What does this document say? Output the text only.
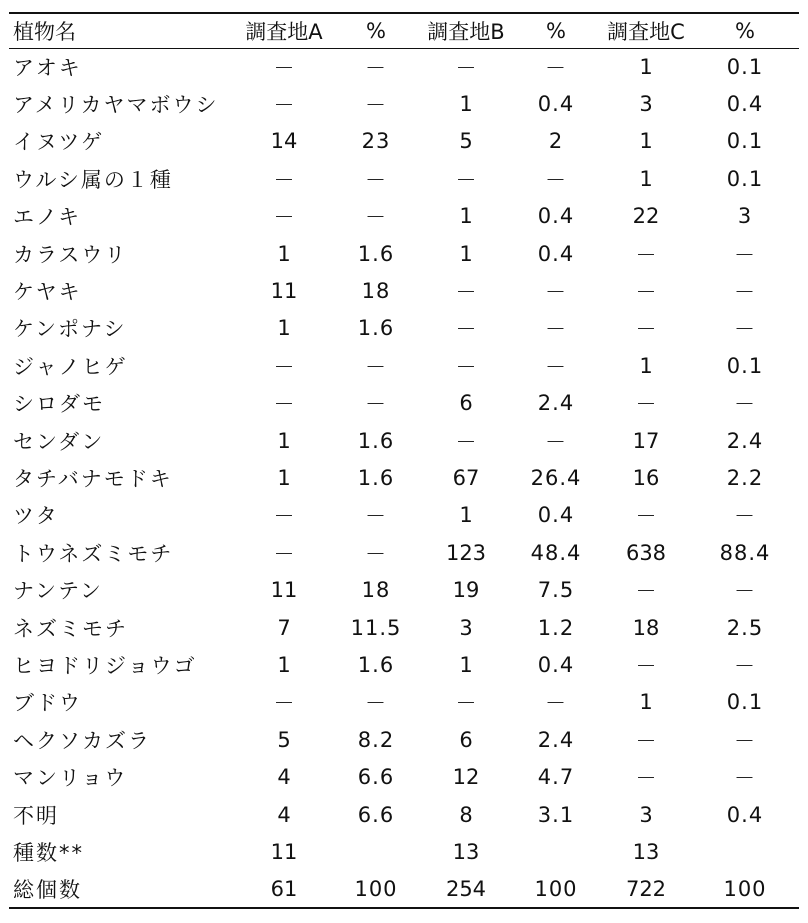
植物名	調査地A	%	調査地B	%	調査地C	%
アオキ	－	－	－	－	1	0.1
アメリカヤマボウシ	－	－	1	0.4	3	0.4
イヌツゲ	14	23	5	2	1	0.1
ウルシ属の１種	－	－	－	－	1	0.1
エノキ	－	－	1	0.4	22	3
カラスウリ	1	1.6	1	0.4	－	－
ケヤキ	11	18	－	－	－	－
ケンポナシ	1	1.6	－	－	－	－
ジャノヒゲ	－	－	－	－	1	0.1
シロダモ	－	－	6	2.4	－	－
センダン	1	1.6	－	－	17	2.4
タチバナモドキ	1	1.6	67	26.4	16	2.2
ツタ	－	－	1	0.4	－	－
トウネズミモチ	－	－	123	48.4	638	88.4
ナンテン	11	18	19	7.5	－	－
ネズミモチ	7	11.5	3	1.2	18	2.5
ヒヨドリジョウゴ	1	1.6	1	0.4	－	－
ブドウ	－	－	－	－	1	0.1
ヘクソカズラ	5	8.2	6	2.4	－	－
マンリョウ	4	6.6	12	4.7	－	－
不明	4	6.6	8	3.1	3	0.4
種数**	11		13		13	
総個数	61	100	254	100	722	100
